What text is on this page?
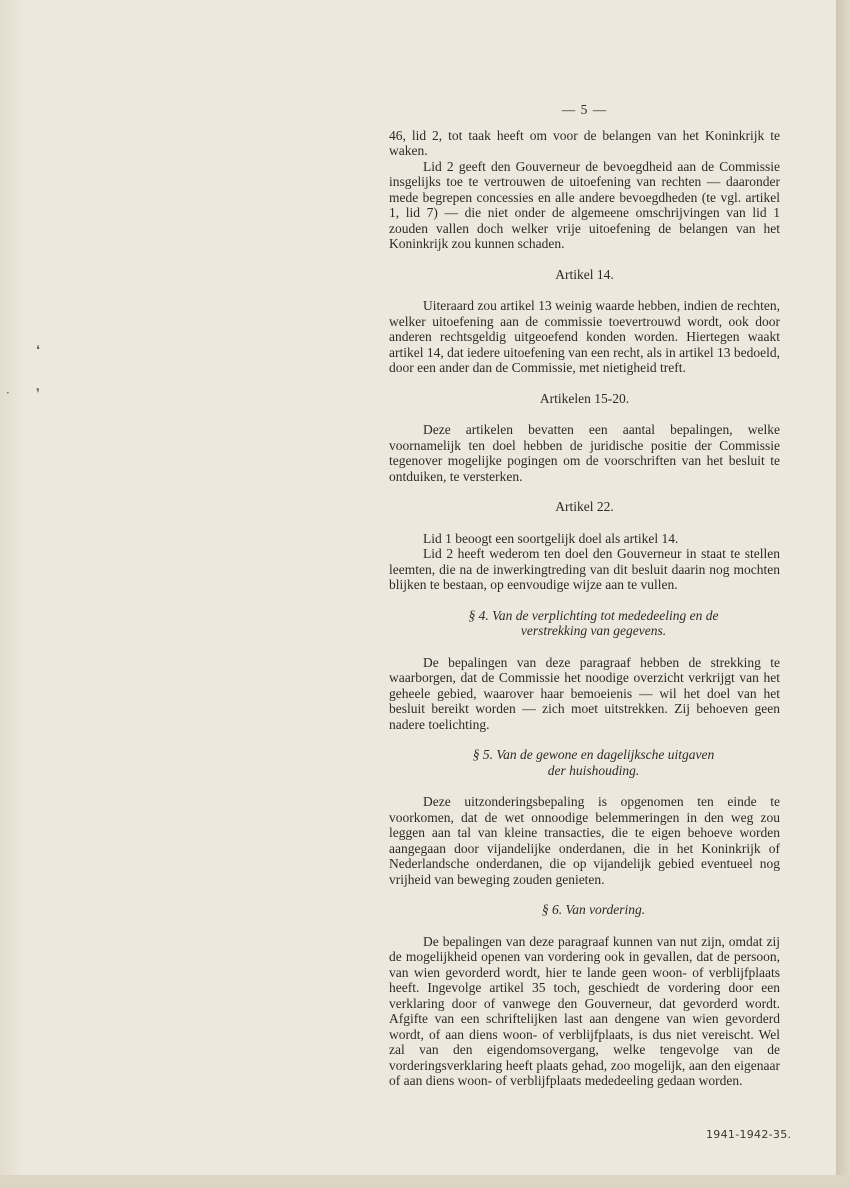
❛
· ❜
— 5 —

46, lid 2, tot taak heeft om voor de belangen van het Koninkrijk te waken.

Lid 2 geeft den Gouverneur de bevoegdheid aan de Commissie insgelijks toe te vertrouwen de uitoefening van rechten — daaronder mede begrepen concessies en alle andere bevoegdheden (te vgl. artikel 1, lid 7) — die niet onder de algemeene omschrijvingen van lid 1 zouden vallen doch welker vrije uitoefening de belangen van het Koninkrijk zou kunnen schaden.

Artikel 14.

Uiteraard zou artikel 13 weinig waarde hebben, indien de rechten, welker uitoefening aan de commissie toevertrouwd wordt, ook door anderen rechtsgeldig uitgeoefend konden worden. Hiertegen waakt artikel 14, dat iedere uitoefening van een recht, als in artikel 13 bedoeld, door een ander dan de Commissie, met nietigheid treft.

Artikelen 15-20.

Deze artikelen bevatten een aantal bepalingen, welke voornamelijk ten doel hebben de juridische positie der Commissie tegenover mogelijke pogingen om de voorschriften van het besluit te ontduiken, te versterken.

Artikel 22.

Lid 1 beoogt een soortgelijk doel als artikel 14.

Lid 2 heeft wederom ten doel den Gouverneur in staat te stellen leemten, die na de inwerkingtreding van dit besluit daarin nog mochten blijken te bestaan, op eenvoudige wijze aan te vullen.

§ 4. Van de verplichting tot mededeeling en de
verstrekking van gegevens.

De bepalingen van deze paragraaf hebben de strekking te waarborgen, dat de Commissie het noodige overzicht verkrijgt van het geheele gebied, waarover haar bemoeienis — wil het doel van het besluit bereikt worden — zich moet uitstrekken. Zij behoeven geen nadere toelichting.

§ 5. Van de gewone en dagelijksche uitgaven
der huishouding.

Deze uitzonderingsbepaling is opgenomen ten einde te voorkomen, dat de wet onnoodige belemmeringen in den weg zou leggen aan tal van kleine transacties, die te eigen behoeve worden aangegaan door vijandelijke onderdanen, die in het Koninkrijk of Nederlandsche onderdanen, die op vijandelijk gebied eventueel nog vrijheid van beweging zouden genieten.

§ 6. Van vordering.

De bepalingen van deze paragraaf kunnen van nut zijn, omdat zij de mogelijkheid openen van vordering ook in gevallen, dat de persoon, van wien gevorderd wordt, hier te lande geen woon- of verblijfplaats heeft. Ingevolge artikel 35 toch, geschiedt de vordering door een verklaring door of vanwege den Gouverneur, dat gevorderd wordt. Afgifte van een schriftelijken last aan dengene van wien gevorderd wordt, of aan diens woon- of verblijfplaats, is dus niet vereischt. Wel zal van den eigendomsovergang, welke tengevolge van de vorderingsverklaring heeft plaats gehad, zoo mogelijk, aan den eigenaar of aan diens woon- of verblijfplaats mededeeling gedaan worden.

1941-1942-35.
